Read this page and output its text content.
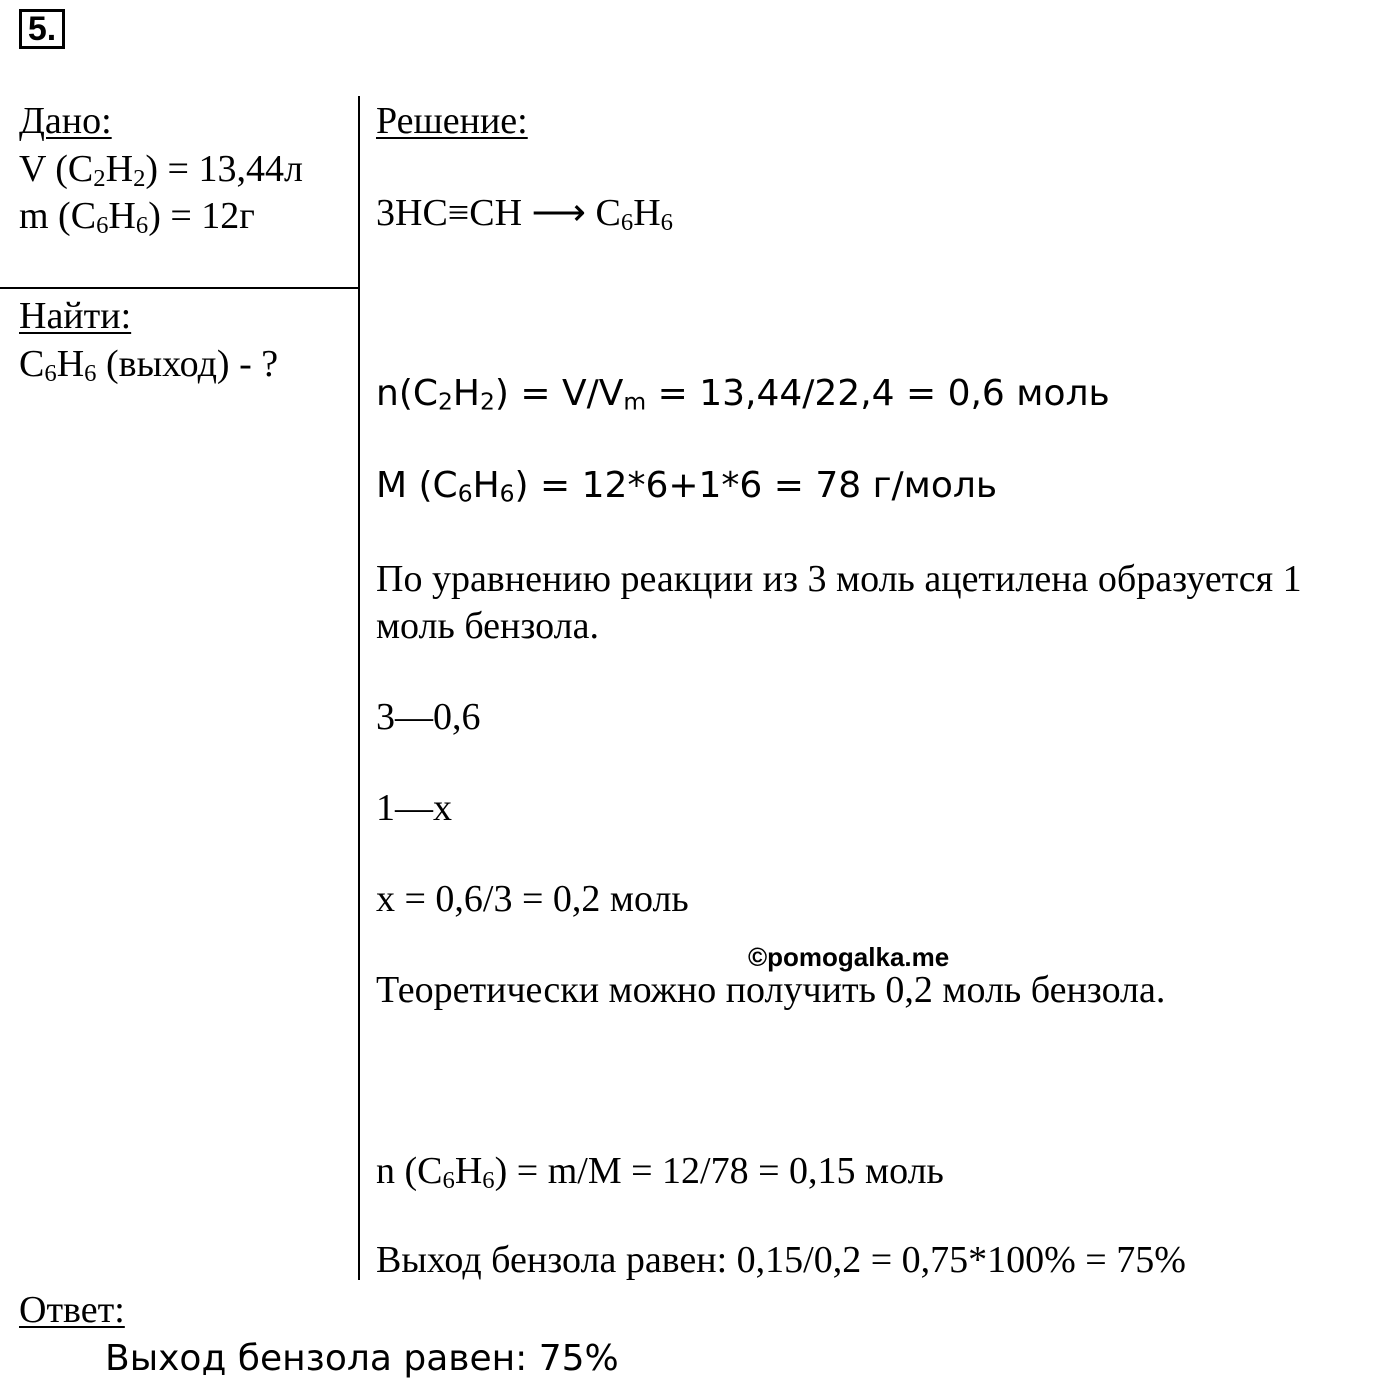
5.
Дано:
V $(C_2H_2) = 13,44л$
m $(C_6H_6) = 12г$
Найти:
$C_6H_6$ (выход) - ?
Решение:
3HC≡CH ⟶ $C_6H_6$
$n(C_2H_2) = V/V_m = 13,44/22,4 = 0,6$ моль
M $(C_6H_6) = 12*6+1*6 = 78$ г/моль
По уравнению реакции из 3 моль ацетилена образуется 1
моль бензола.
3—0,6
1—x
x = 0,6/3 = 0,2 моль
Теоретически можно получить 0,2 моль бензола.
n $(C_6H_6) = m/M = 12/78 = 0,15$ моль
Выход бензола равен: 0,15/0,2 = 0,75*100% = 75%
©pomogalka.me
Ответ:
Выход бензола равен: 75%
